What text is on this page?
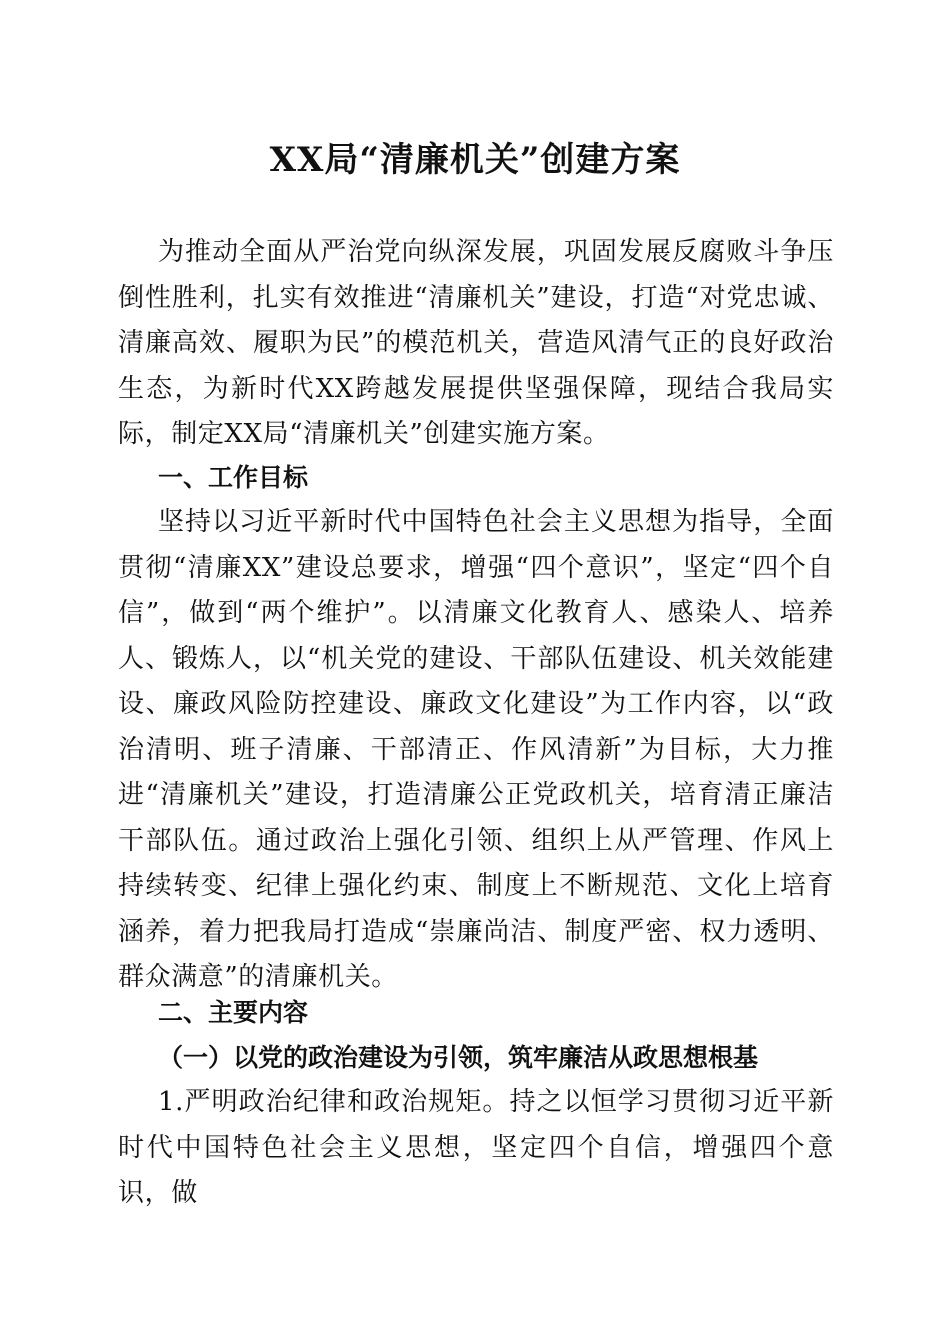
XX局“清廉机关”创建方案

为推动全面从严治党向纵深发展，巩固发展反腐败斗争压倒性胜利，扎实有效推进“清廉机关”建设，打造“对党忠诚、清廉高效、履职为民”的模范机关，营造风清气正的良好政治生态，为新时代XX跨越发展提供坚强保障，现结合我局实际，制定XX局“清廉机关”创建实施方案。

一、工作目标

坚持以习近平新时代中国特色社会主义思想为指导，全面贯彻“清廉XX”建设总要求，增强“四个意识”，坚定“四个自信”，做到“两个维护”。以清廉文化教育人、感染人、培养人、锻炼人，以“机关党的建设、干部队伍建设、机关效能建设、廉政风险防控建设、廉政文化建设”为工作内容，以“政治清明、班子清廉、干部清正、作风清新”为目标，大力推进“清廉机关”建设，打造清廉公正党政机关，培育清正廉洁干部队伍。通过政治上强化引领、组织上从严管理、作风上持续转变、纪律上强化约束、制度上不断规范、文化上培育涵养，着力把我局打造成“崇廉尚洁、制度严密、权力透明、群众满意”的清廉机关。

二、主要内容
（一）以党的政治建设为引领，筑牢廉洁从政思想根基

1.严明政治纪律和政治规矩。持之以恒学习贯彻习近平新时代中国特色社会主义思想，坚定四个自信，增强四个意识，做
